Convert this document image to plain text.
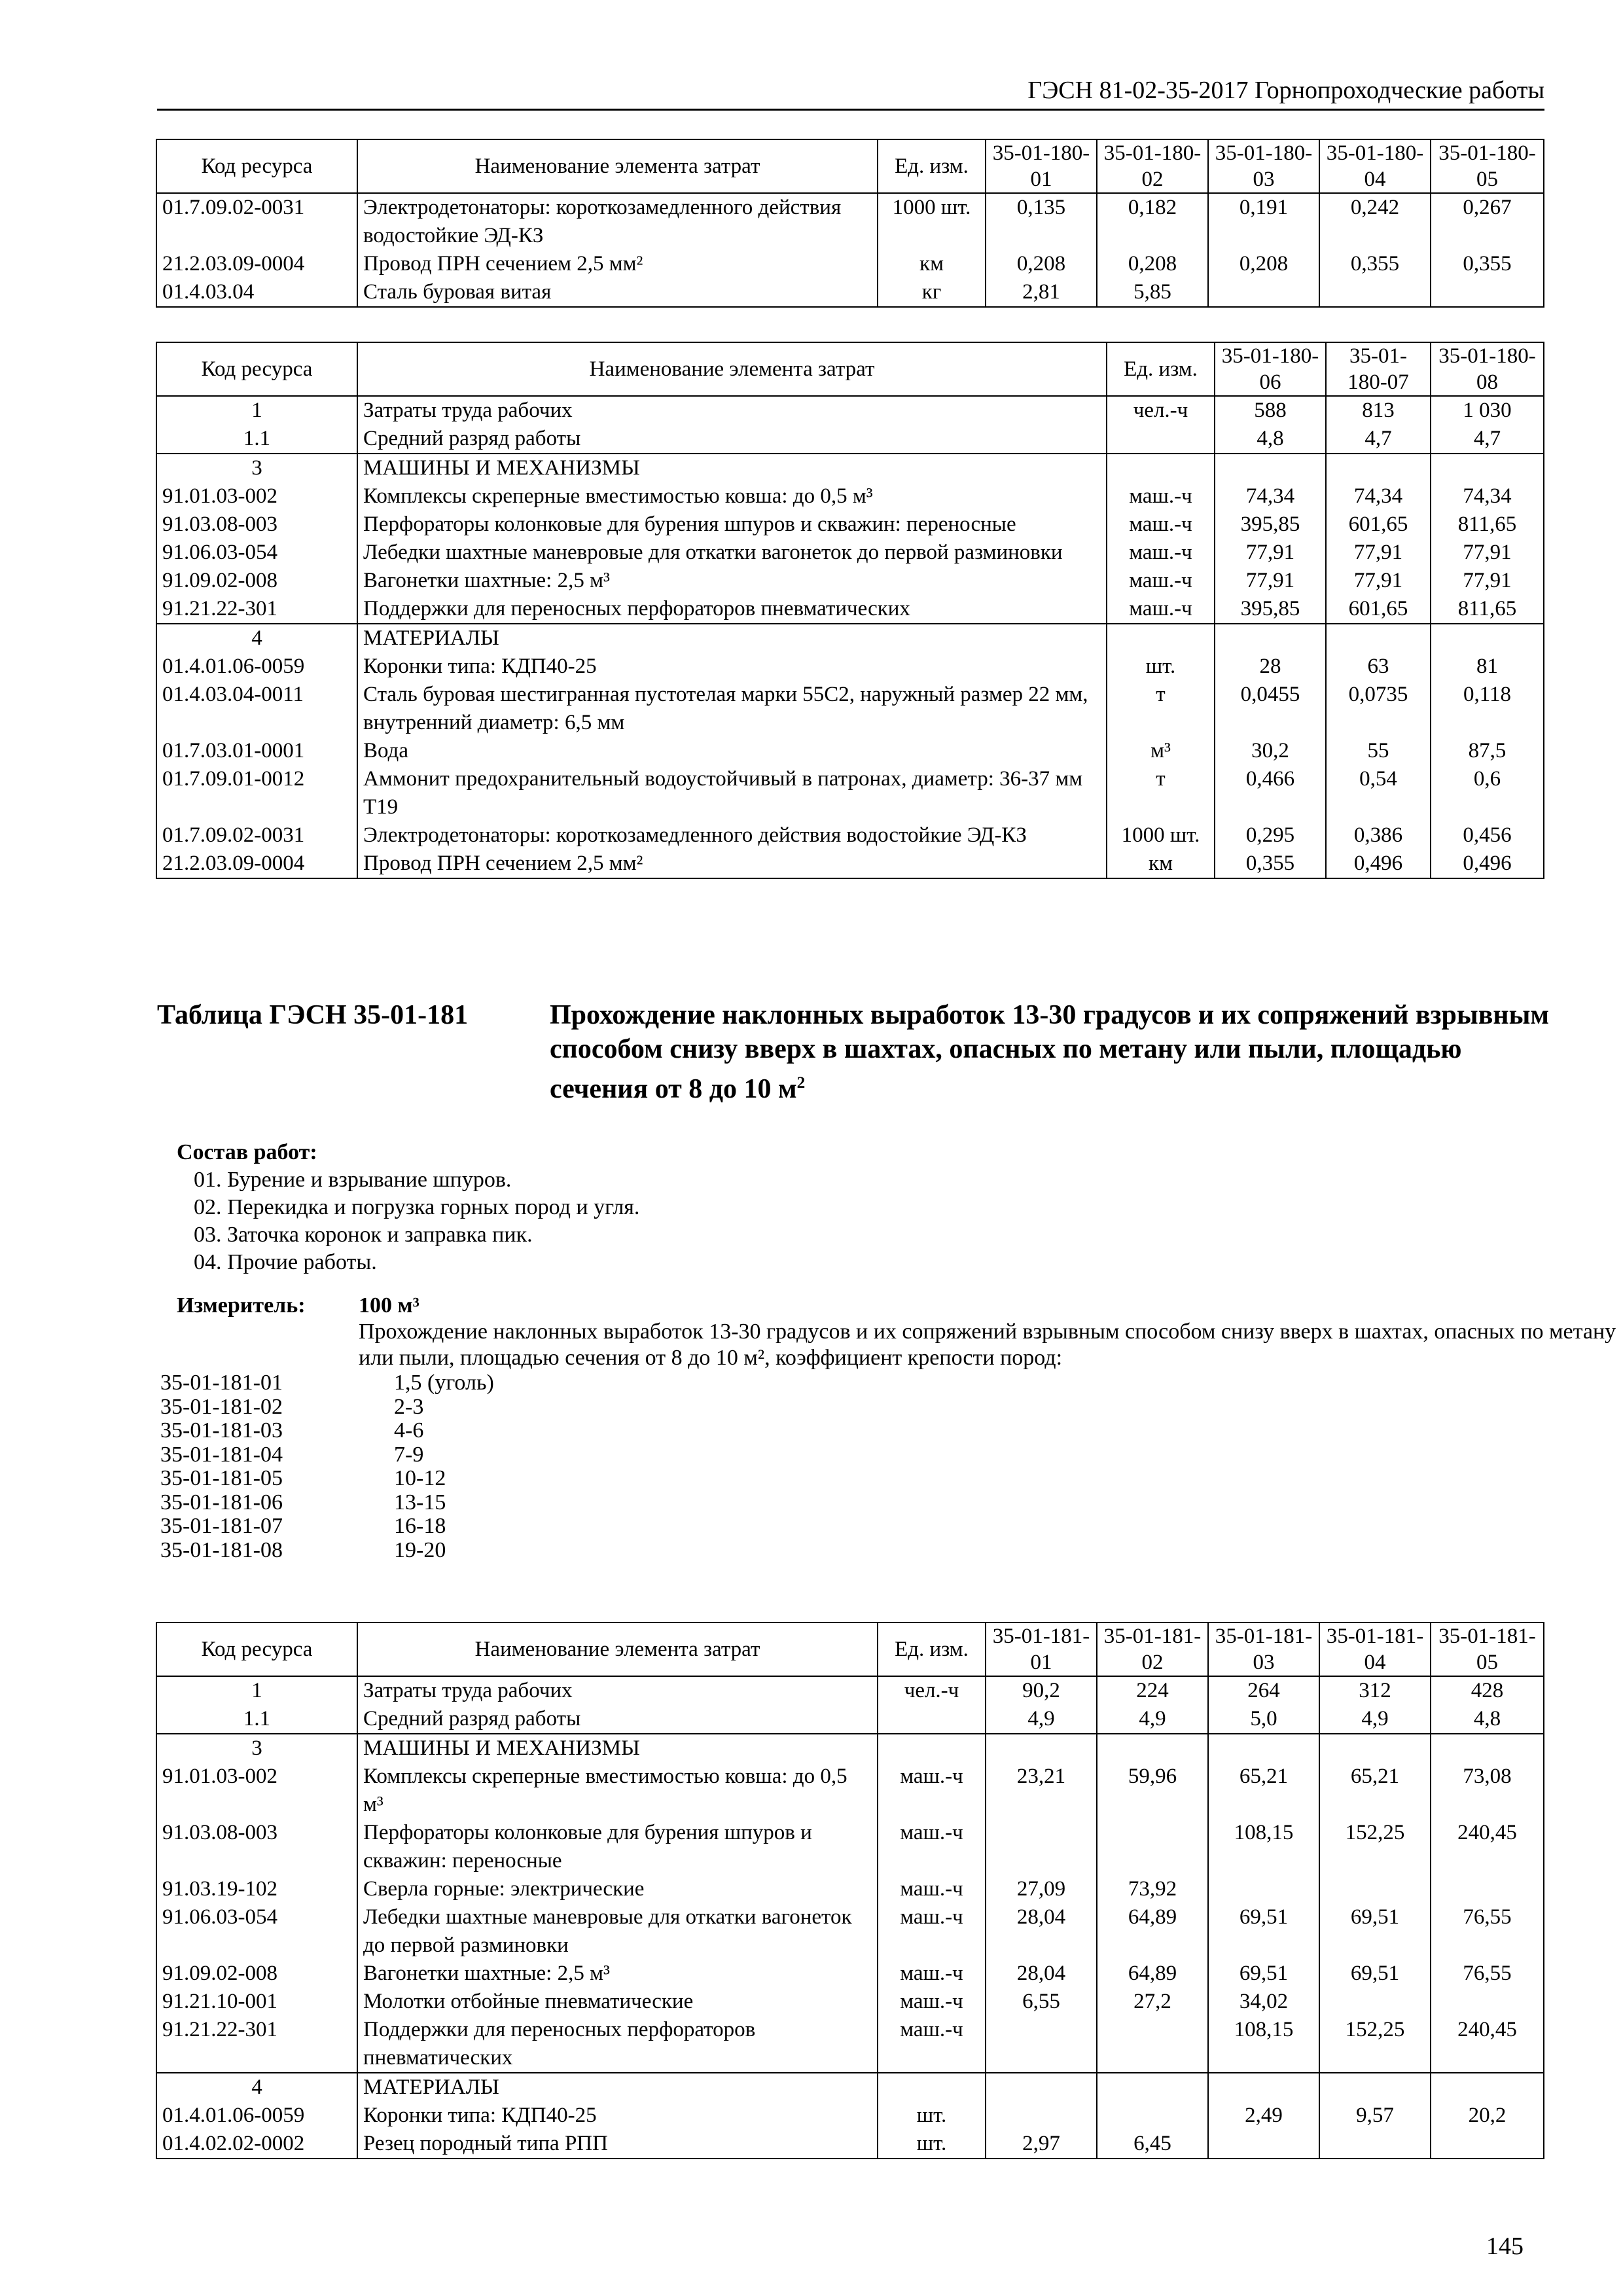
ГЭСН 81-02-35-2017 Горнопроходческие работы
Код ресурса	Наименование элемента затрат	Ед. изм.	35-01-180-01	35-01-180-02	35-01-180-03	35-01-180-04	35-01-180-05
01.7.09.02-0031	Электродетонаторы: короткозамедленного действия водостойкие ЭД-КЗ	1000 шт.	0,135	0,182	0,191	0,242	0,267
21.2.03.09-0004	Провод ПРН сечением 2,5 мм²	км	0,208	0,208	0,208	0,355	0,355
01.4.03.04	Сталь буровая витая	кг	2,81	5,85			
Код ресурса	Наименование элемента затрат	Ед. изм.	35-01-180-06	35-01-180-07	35-01-180-08
1	Затраты труда рабочих	чел.-ч	588	813	1 030
1.1	Средний разряд работы		4,8	4,7	4,7
3	МАШИНЫ И МЕХАНИЗМЫ				
91.01.03-002	Комплексы скреперные вместимостью ковша: до 0,5 м³	маш.-ч	74,34	74,34	74,34
91.03.08-003	Перфораторы колонковые для бурения шпуров и скважин: переносные	маш.-ч	395,85	601,65	811,65
91.06.03-054	Лебедки шахтные маневровые для откатки вагонеток до первой разминовки	маш.-ч	77,91	77,91	77,91
91.09.02-008	Вагонетки шахтные: 2,5 м³	маш.-ч	77,91	77,91	77,91
91.21.22-301	Поддержки для переносных перфораторов пневматических	маш.-ч	395,85	601,65	811,65
4	МАТЕРИАЛЫ				
01.4.01.06-0059	Коронки типа: КДП40-25	шт.	28	63	81
01.4.03.04-0011	Сталь буровая шестигранная пустотелая марки 55С2, наружный размер 22 мм, внутренний диаметр: 6,5 мм	т	0,0455	0,0735	0,118
01.7.03.01-0001	Вода	м³	30,2	55	87,5
01.7.09.01-0012	Аммонит предохранительный водоустойчивый в патронах, диаметр: 36-37 мм Т19	т	0,466	0,54	0,6
01.7.09.02-0031	Электродетонаторы: короткозамедленного действия водостойкие ЭД-КЗ	1000 шт.	0,295	0,386	0,456
21.2.03.09-0004	Провод ПРН сечением 2,5 мм²	км	0,355	0,496	0,496
Таблица ГЭСН 35-01-181	Прохождение наклонных выработок 13-30 градусов и их сопряжений взрывным способом снизу вверх в шахтах, опасных по метану или пыли, площадью сечения от 8 до 10 $м^2$
Состав работ:
01. Бурение и взрывание шпуров.
02. Перекидка и погрузка горных пород и угля.
03. Заточка коронок и заправка пик.
04. Прочие работы.
Измеритель: 100 м³
Прохождение наклонных выработок 13-30 градусов и их сопряжений взрывным способом снизу вверх в шахтах, опасных по метану или пыли, площадью сечения от 8 до 10 м², коэффициент крепости пород:
35-01-181-01	1,5 (уголь)
35-01-181-02	2-3
35-01-181-03	4-6
35-01-181-04	7-9
35-01-181-05	10-12
35-01-181-06	13-15
35-01-181-07	16-18
35-01-181-08	19-20
Код ресурса	Наименование элемента затрат	Ед. изм.	35-01-181-01	35-01-181-02	35-01-181-03	35-01-181-04	35-01-181-05
1	Затраты труда рабочих	чел.-ч	90,2	224	264	312	428
1.1	Средний разряд работы		4,9	4,9	5,0	4,9	4,8
3	МАШИНЫ И МЕХАНИЗМЫ						
91.01.03-002	Комплексы скреперные вместимостью ковша: до 0,5 м³	маш.-ч	23,21	59,96	65,21	65,21	73,08
91.03.08-003	Перфораторы колонковые для бурения шпуров и скважин: переносные	маш.-ч			108,15	152,25	240,45
91.03.19-102	Сверла горные: электрические	маш.-ч	27,09	73,92			
91.06.03-054	Лебедки шахтные маневровые для откатки вагонеток до первой разминовки	маш.-ч	28,04	64,89	69,51	69,51	76,55
91.09.02-008	Вагонетки шахтные: 2,5 м³	маш.-ч	28,04	64,89	69,51	69,51	76,55
91.21.10-001	Молотки отбойные пневматические	маш.-ч	6,55	27,2	34,02		
91.21.22-301	Поддержки для переносных перфораторов пневматических	маш.-ч			108,15	152,25	240,45
4	МАТЕРИАЛЫ						
01.4.01.06-0059	Коронки типа: КДП40-25	шт.			2,49	9,57	20,2
01.4.02.02-0002	Резец породный типа РПП	шт.	2,97	6,45			
145
